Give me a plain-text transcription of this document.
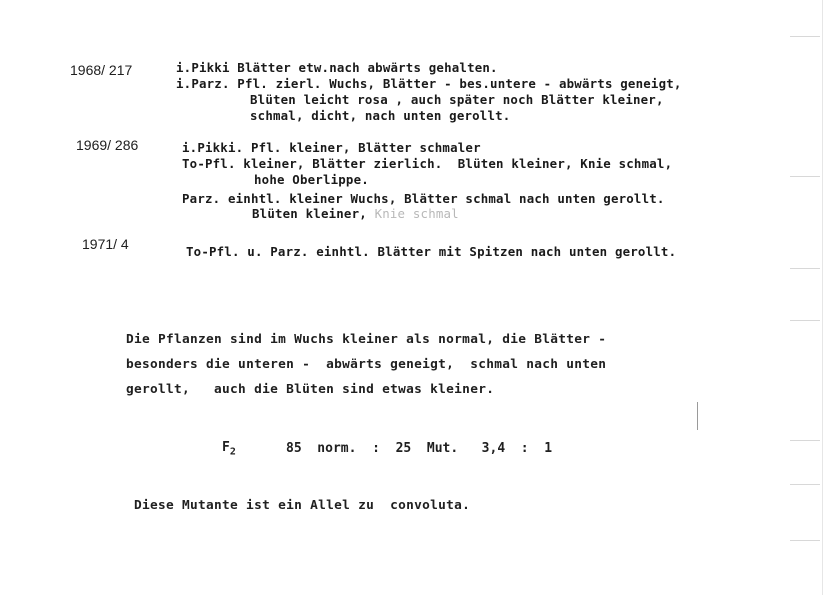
1968/ 217	i.Pikki Blätter etw.nach abwärts gehalten.
i.Parz. Pfl. zierl. Wuchs, Blätter - bes.untere - abwärts geneigt,
Blüten leicht rosa , auch später noch Blätter kleiner,
schmal, dicht, nach unten gerollt.
1969/ 286	i.Pikki. Pfl. kleiner, Blätter schmaler
To-Pfl. kleiner, Blätter zierlich.  Blüten kleiner, Knie schmal,
hohe Oberlippe.
Parz. einhtl. kleiner Wuchs, Blätter schmal nach unten gerollt.
Blüten kleiner, Knie schmal
1971/ 4	To-Pfl. u. Parz. einhtl. Blätter mit Spitzen nach unten gerollt.
Die Pflanzen sind im Wuchs kleiner als normal, die Blätter -
besonders die unteren -  abwärts geneigt,  schmal nach unten
gerollt,   auch die Blüten sind etwas kleiner.
$F_2$	85  norm.  :  25  Mut.   3,4  :  1
Diese Mutante ist ein Allel zu  convoluta.
